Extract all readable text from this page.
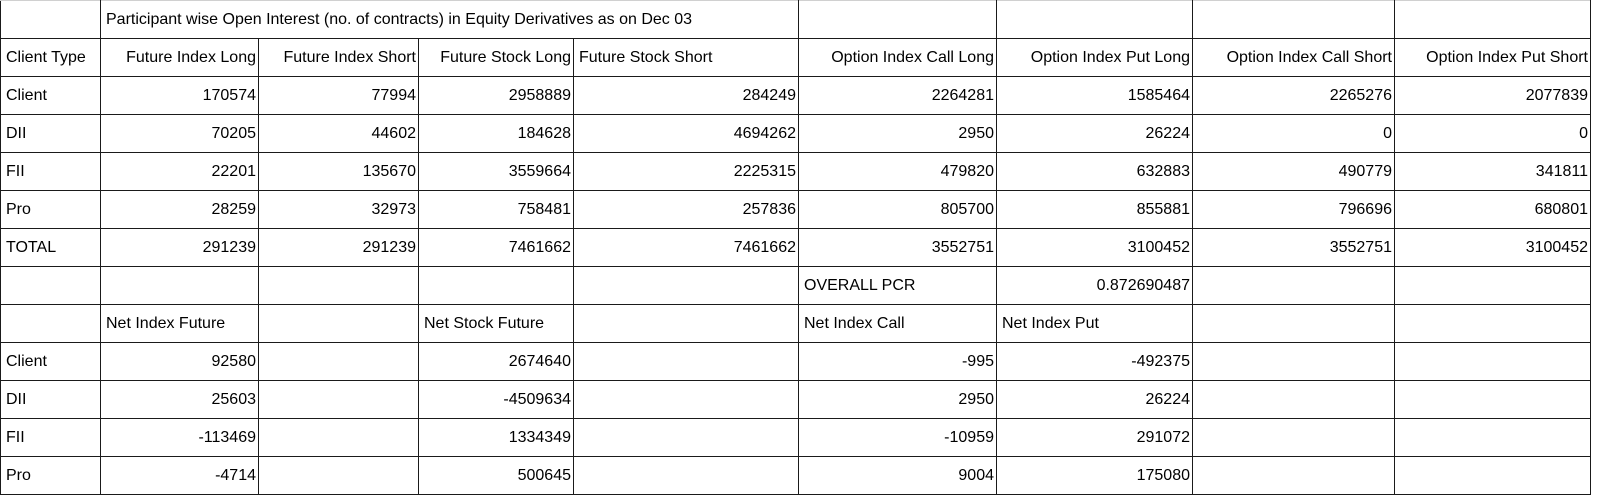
	Participant wise Open Interest (no. of contracts) in Equity Derivatives as on Dec 03							
Client Type	Future Index Long	Future Index Short	Future Stock Long	Future Stock Short	Option Index Call Long	Option Index Put Long	Option Index Call Short	Option Index Put Short
Client	170574	77994	2958889	284249	2264281	1585464	2265276	2077839
DII	70205	44602	184628	4694262	2950	26224	0	0
FII	22201	135670	3559664	2225315	479820	632883	490779	341811
Pro	28259	32973	758481	257836	805700	855881	796696	680801
TOTAL	291239	291239	7461662	7461662	3552751	3100452	3552751	3100452
					OVERALL PCR	0.872690487		
	Net Index Future		Net Stock Future		Net Index Call	Net Index Put		
Client	92580		2674640		-995	-492375		
DII	25603		-4509634		2950	26224		
FII	-113469		1334349		-10959	291072		
Pro	-4714		500645		9004	175080		
